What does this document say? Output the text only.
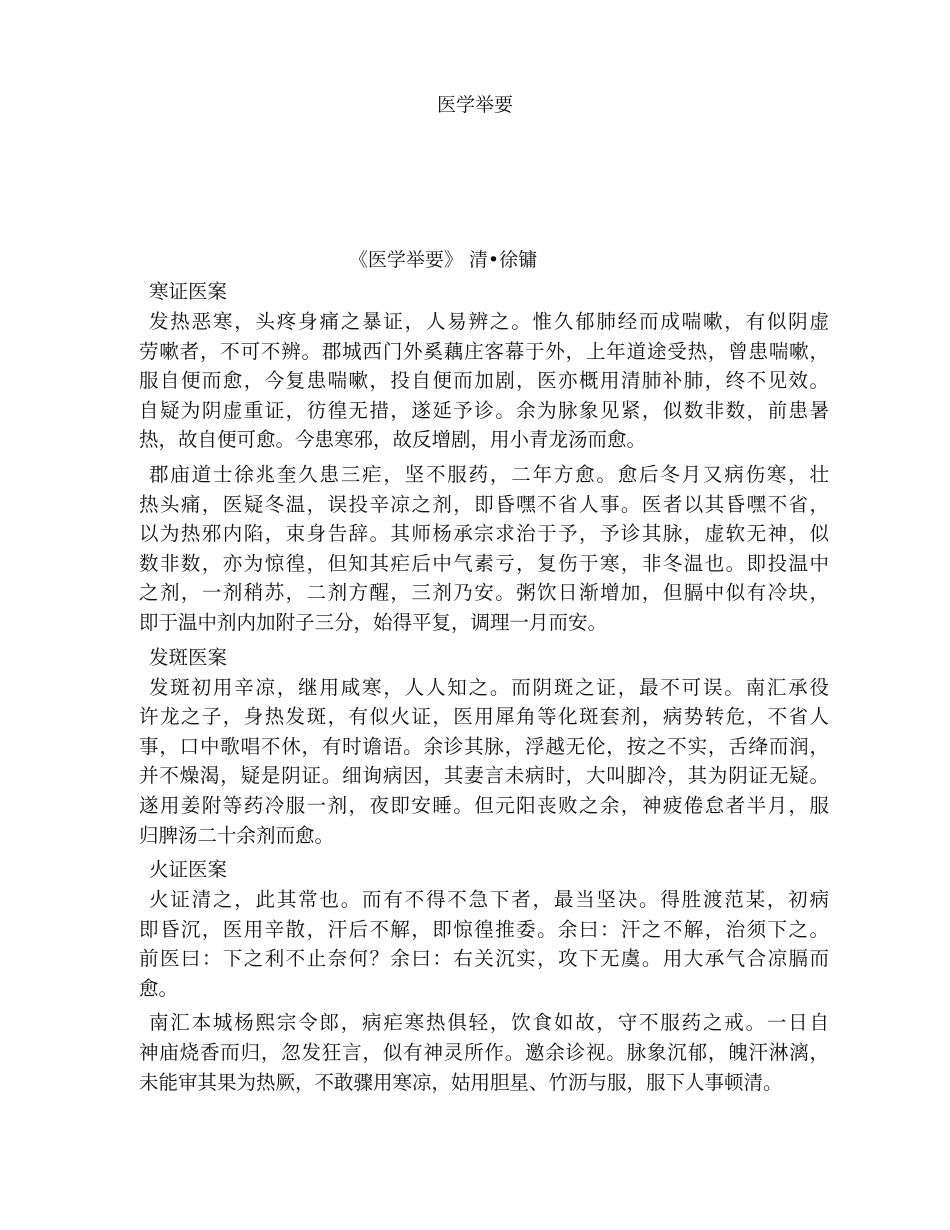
医学举要
《医学举要》 清•徐镛
寒证医案
发热恶寒，头疼身痛之暴证，人易辨之。惟久郁肺经而成喘嗽，有似阴虚
劳嗽者，不可不辨。郡城西门外奚藕庄客幕于外，上年道途受热，曾患喘嗽，
服自便而愈，今复患喘嗽，投自便而加剧，医亦概用清肺补肺，终不见效。
自疑为阴虚重证，彷徨无措，遂延予诊。余为脉象见紧，似数非数，前患暑
热，故自便可愈。今患寒邪，故反增剧，用小青龙汤而愈。
郡庙道士徐兆奎久患三疟，坚不服药，二年方愈。愈后冬月又病伤寒，壮
热头痛，医疑冬温，误投辛凉之剂，即昏嘿不省人事。医者以其昏嘿不省，
以为热邪内陷，束身告辞。其师杨承宗求治于予，予诊其脉，虚软无神，似
数非数，亦为惊徨，但知其疟后中气素亏，复伤于寒，非冬温也。即投温中
之剂，一剂稍苏，二剂方醒，三剂乃安。粥饮日渐增加，但膈中似有冷块，
即于温中剂内加附子三分，始得平复，调理一月而安。
发斑医案
发斑初用辛凉，继用咸寒，人人知之。而阴斑之证，最不可误。南汇承役
许龙之子，身热发斑，有似火证，医用犀角等化斑套剂，病势转危，不省人
事，口中歌唱不休，有时谵语。余诊其脉，浮越无伦，按之不实，舌绛而润，
并不燥渴，疑是阴证。细询病因，其妻言未病时，大叫脚冷，其为阴证无疑。
遂用姜附等药冷服一剂，夜即安睡。但元阳丧败之余，神疲倦怠者半月，服
归脾汤二十余剂而愈。
火证医案
火证清之，此其常也。而有不得不急下者，最当坚决。得胜渡范某，初病
即昏沉，医用辛散，汗后不解，即惊徨推委。余曰：汗之不解，治须下之。
前医曰：下之利不止奈何？余曰：右关沉实，攻下无虞。用大承气合凉膈而
愈。
南汇本城杨熙宗令郎，病疟寒热俱轻，饮食如故，守不服药之戒。一日自
神庙烧香而归，忽发狂言，似有神灵所作。邀余诊视。脉象沉郁，魄汗淋漓，
未能审其果为热厥，不敢骤用寒凉，姑用胆星、竹沥与服，服下人事顿清。
